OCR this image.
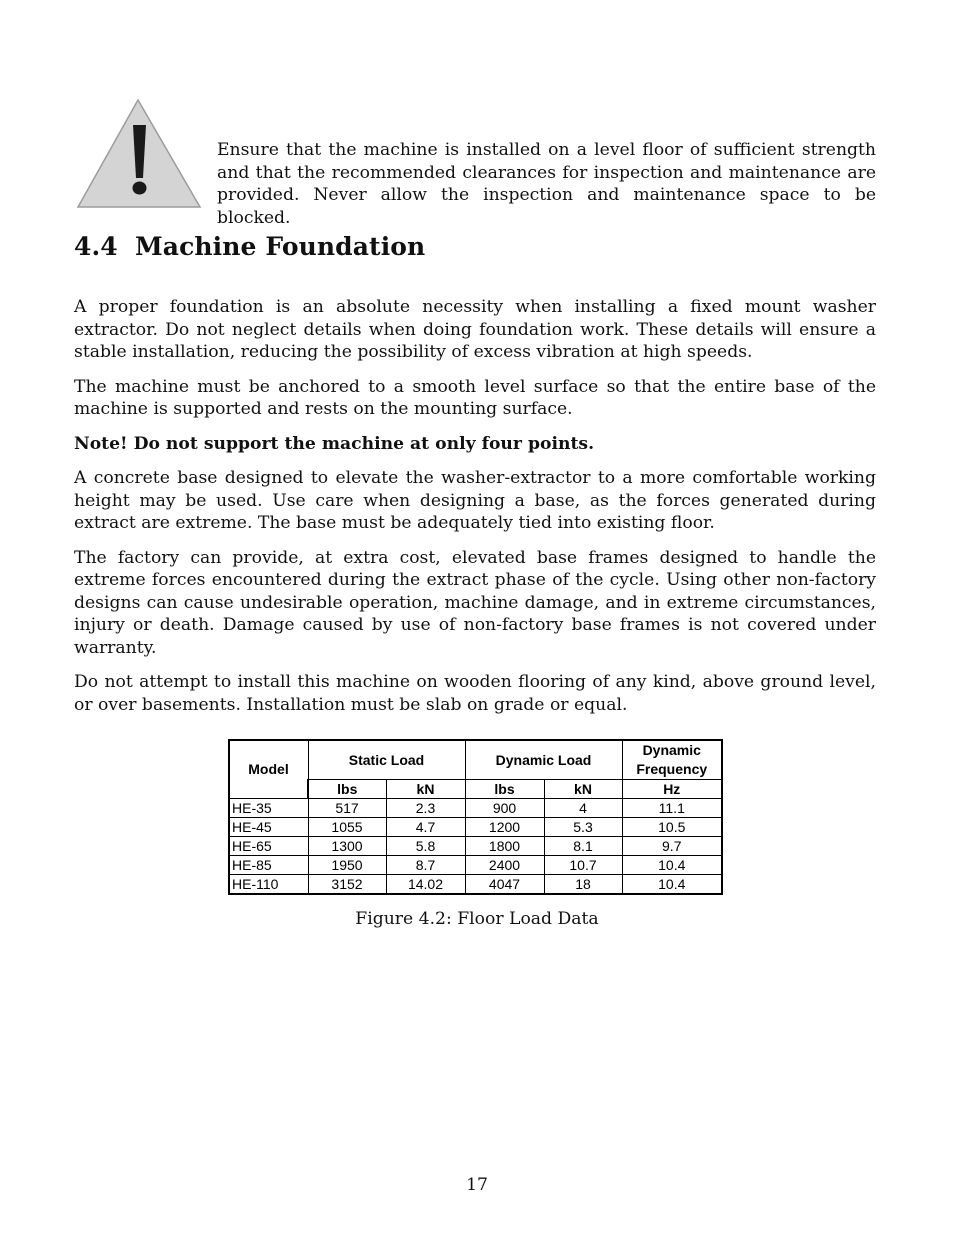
Ensure that the machine is installed on a level floor of sufficient strength and that the recommended clearances for inspection and maintenance are provided. Never allow the inspection and maintenance space to be blocked.
4.4 Machine Foundation

A proper foundation is an absolute necessity when installing a fixed mount washer extractor. Do not neglect details when doing foundation work. These details will ensure a stable installation, reducing the possibility of excess vibration at high speeds.

The machine must be anchored to a smooth level surface so that the entire base of the machine is supported and rests on the mounting surface.

Note! Do not support the machine at only four points.

A concrete base designed to elevate the washer-extractor to a more comfortable working height may be used. Use care when designing a base, as the forces generated during extract are extreme. The base must be adequately tied into existing floor.

The factory can provide, at extra cost, elevated base frames designed to handle the extreme forces encountered during the extract phase of the cycle. Using other non-factory designs can cause undesirable operation, machine damage, and in extreme circumstances, injury or death. Damage caused by use of non-factory base frames is not covered under warranty.

Do not attempt to install this machine on wooden flooring of any kind, above ground level, or over basements. Installation must be slab on grade or equal.

Model	Static Load		Dynamic Load		Dynamic Frequency
	lbs	kN	lbs	kN	Hz
HE-35	517	2.3	900	4	11.1
HE-45	1055	4.7	1200	5.3	10.5
HE-65	1300	5.8	1800	8.1	9.7
HE-85	1950	8.7	2400	10.7	10.4
HE-110	3152	14.02	4047	18	10.4
Figure 4.2: Floor Load Data
17
